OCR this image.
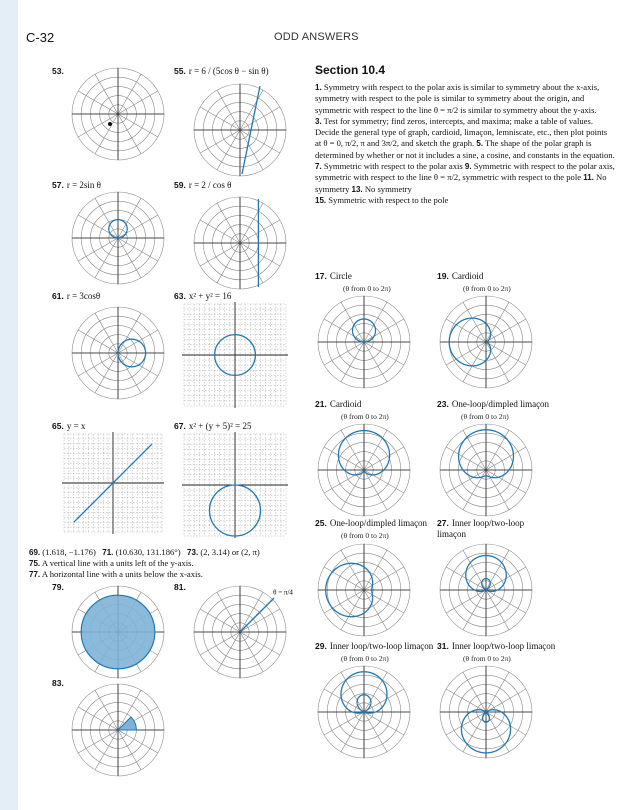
C-32	ODD ANSWERS
53.	55. r = 6 / (5cos θ − sin θ)
57. r = 2sin θ	59. r = 2 / cos θ
61. r = 3cosθ	63. x² + y² = 16
65. y = x	67. x² + (y + 5)² = 25
79.	81.
83.
69. (1.618, −1.176) 71. (10.630, 131.186°) 73. (2, 3.14) or (2, π)
75. A vertical line with a units left of the y-axis.
77. A horizontal line with a units below the x-axis.
Section 10.4
1. Symmetry with respect to the polar axis is similar to symmetry about the x-axis, symmetry with respect to the pole is similar to symmetry about the origin, and symmetric with respect to the line θ = π/2 is similar to symmetry about the y-axis.
3. Test for symmetry; find zeros, intercepts, and maxima; make a table of values. Decide the general type of graph, cardioid, limaçon, lemniscate, etc., then plot points at θ = 0, π/2, π and 3π/2, and sketch the graph. 5. The shape of the polar graph is determined by whether or not it includes a sine, a cosine, and constants in the equation. 7. Symmetric with respect to the polar axis 9. Symmetric with respect to the polar axis, symmetric with respect to the line θ = π/2, symmetric with respect to the pole 11. No symmetry 13. No symmetry
15. Symmetric with respect to the pole
17. Circle
(θ from 0 to 2π)
19. Cardioid
(θ from 0 to 2π)
21. Cardioid
(θ from 0 to 2π)
23. One-loop/dimpled limaçon
(θ from 0 to 2π)
25. One-loop/dimpled limaçon
(θ from 0 to 2π)
27. Inner loop/two-loop limaçon
29. Inner loop/two-loop limaçon
(θ from 0 to 2π)
31. Inner loop/two-loop limaçon
(θ from 0 to 2π)
θ = π/4
